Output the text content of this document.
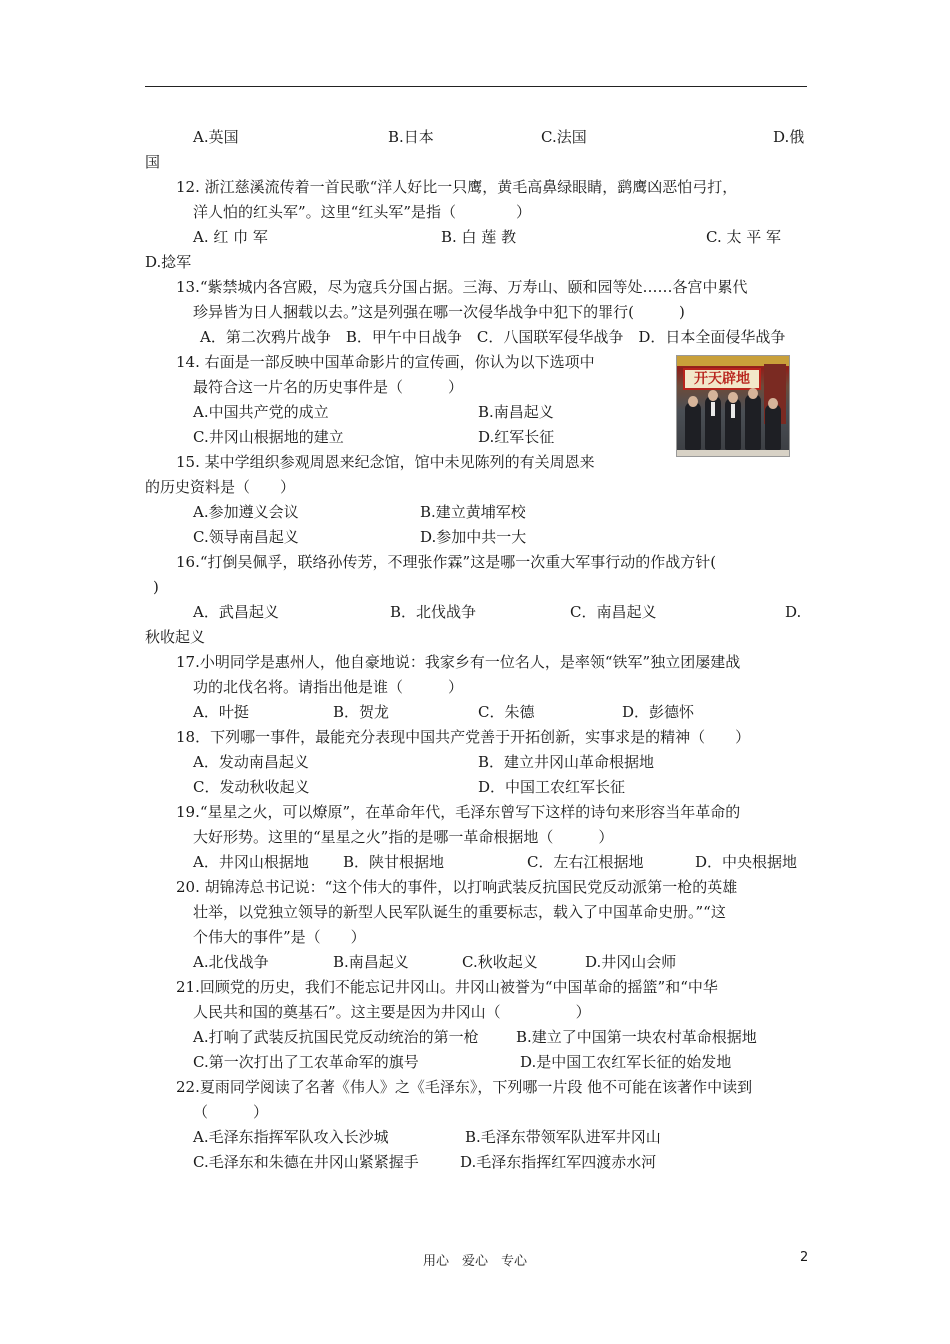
A.英国	B.日本	C.法国	D.俄
国
12. 浙江慈溪流传着一首民歌“洋人好比一只鹰，黄毛高鼻绿眼睛，鹞鹰凶恶怕弓打，
洋人怕的红头军”。这里“红头军”是指（　　　　）
A. 红 巾 军	B. 白 莲 教	C. 太 平 军
D.捻军
13.“紫禁城内各宫殿，尽为寇兵分国占据。三海、万寿山、颐和园等处……各宫中累代
珍异皆为日人捆载以去。”这是列强在哪一次侵华战争中犯下的罪行(　　　)
A．第二次鸦片战争　B．甲午中日战争　C．八国联军侵华战争　D．日本全面侵华战争
14. 右面是一部反映中国革命影片的宣传画，你认为以下选项中
最符合这一片名的历史事件是（　　　）
A.中国共产党的成立	B.南昌起义
C.井冈山根据地的建立	D.红军长征
开天辟地
15. 某中学组织参观周恩来纪念馆，馆中未见陈列的有关周恩来
的历史资料是（　　）
A.参加遵义会议	B.建立黄埔军校
C.领导南昌起义	D.参加中共一大
16.“打倒吴佩孚，联络孙传芳，不理张作霖”这是哪一次重大军事行动的作战方针(
)
A．武昌起义	B．北伐战争	C．南昌起义	D.
秋收起义
17.小明同学是惠州人，他自豪地说：我家乡有一位名人，是率领“铁军”独立团屡建战
功的北伐名将。请指出他是谁（　　　）
A．叶挺	B．贺龙	C．朱德	D．彭德怀
18．下列哪一事件，最能充分表现中国共产党善于开拓创新，实事求是的精神（　　）
A．发动南昌起义	B．建立井冈山革命根据地
C．发动秋收起义	D．中国工农红军长征
19.“星星之火，可以燎原”，在革命年代，毛泽东曾写下这样的诗句来形容当年革命的
大好形势。这里的“星星之火”指的是哪一革命根据地（　　　）
A．井冈山根据地 B．陕甘根据地	C．左右江根据地	D．中央根据地
20. 胡锦涛总书记说：“这个伟大的事件，以打响武装反抗国民党反动派第一枪的英雄
壮举，以党独立领导的新型人民军队诞生的重要标志，载入了中国革命史册。”“这
个伟大的事件”是（　　）
A.北伐战争	B.南昌起义	C.秋收起义	D.井冈山会师
21.回顾党的历史，我们不能忘记井冈山。井冈山被誉为“中国革命的摇篮”和“中华
人民共和国的奠基石”。这主要是因为井冈山（　　　　　）
A.打响了武装反抗国民党反动统治的第一枪 B.建立了中国第一块农村革命根据地
C.第一次打出了工农革命军的旗号	D.是中国工农红军长征的始发地
22.夏雨同学阅读了名著《伟人》之《毛泽东》，下列哪一片段 他不可能在该著作中读到
（　　　）
A.毛泽东指挥军队攻入长沙城	B.毛泽东带领军队进军井冈山
C.毛泽东和朱德在井冈山紧紧握手	D.毛泽东指挥红军四渡赤水河
用心　爱心　专心	2
